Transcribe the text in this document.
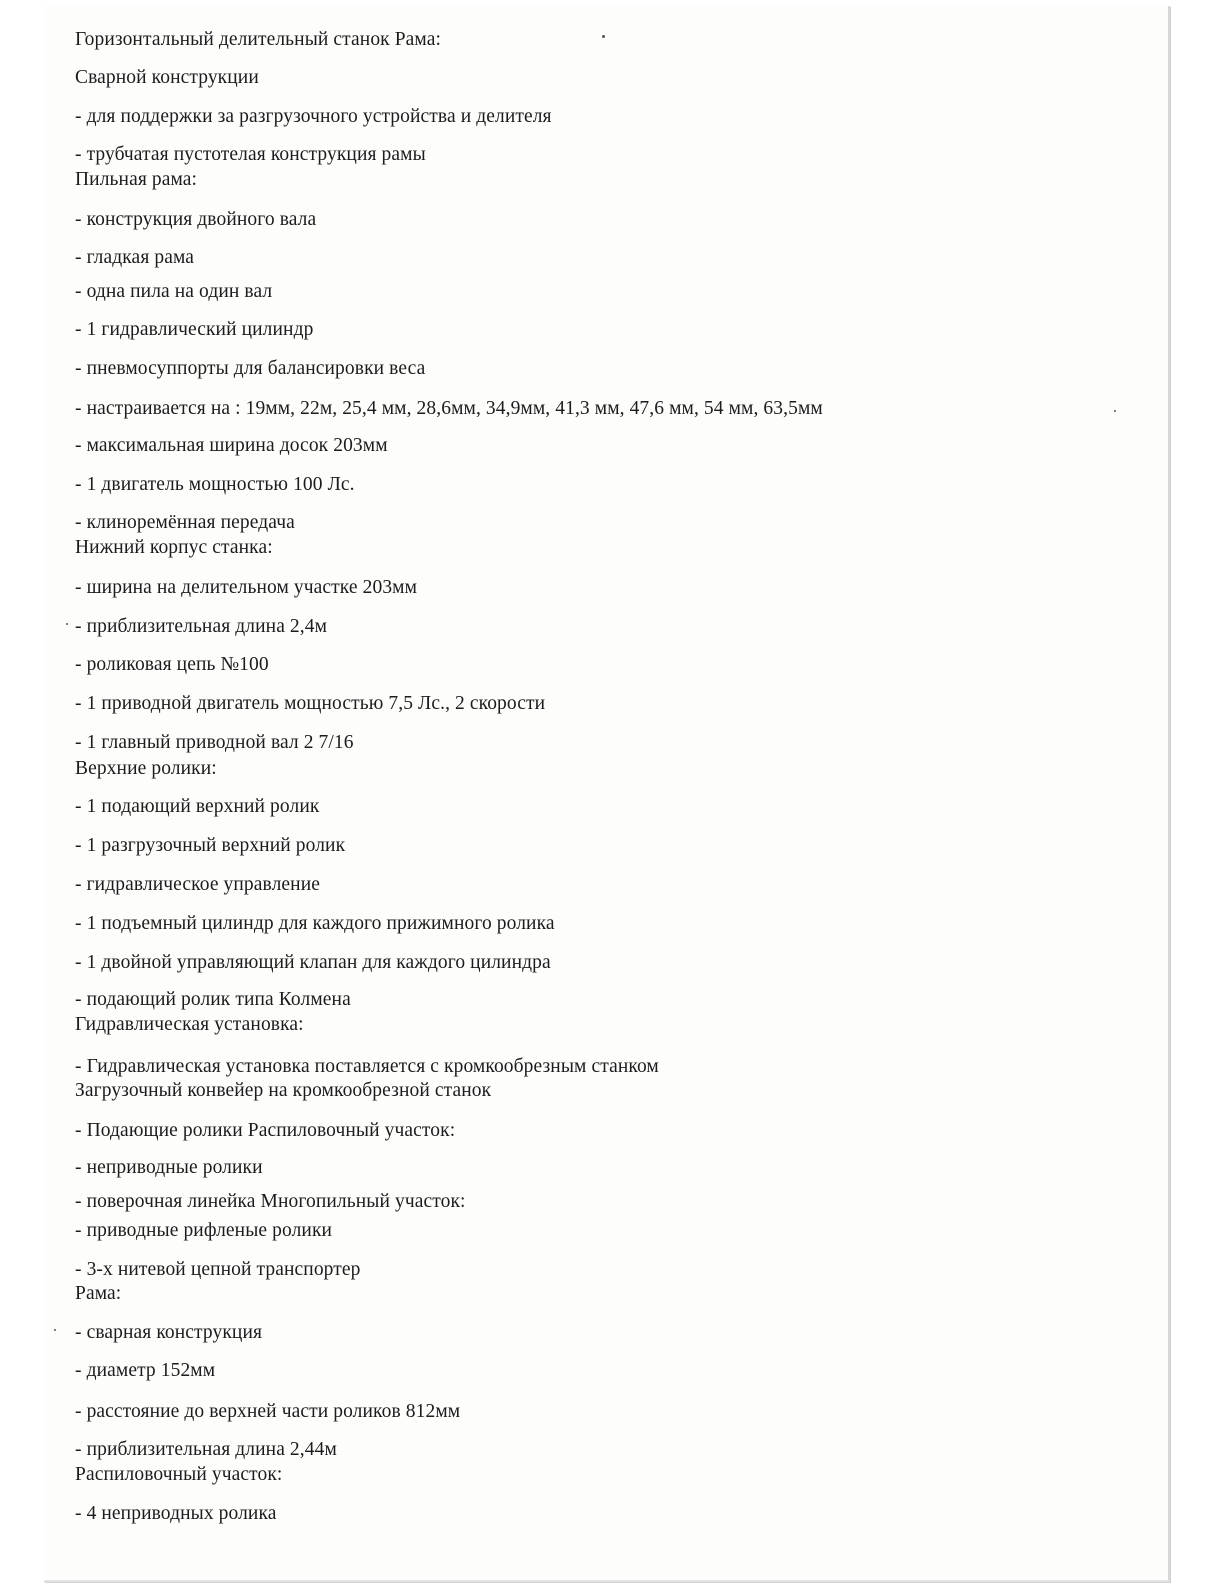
Горизонтальный делительный станок Рама:
Сварной конструкции
- для поддержки за разгрузочного устройства и делителя
- трубчатая пустотелая конструкция рамы
Пильная рама:
- конструкция двойного вала
- гладкая рама
- одна пила на один вал
- 1 гидравлический цилиндр
- пневмосуппорты для балансировки веса
- настраивается на : 19мм, 22м, 25,4 мм, 28,6мм, 34,9мм, 41,3 мм, 47,6 мм, 54 мм, 63,5мм
- максимальная ширина досок 203мм
- 1 двигатель мощностью 100 Лс.
- клиноремённая передача
Нижний корпус станка:
- ширина на делительном участке 203мм
- приблизительная длина 2,4м
- роликовая цепь №100
- 1 приводной двигатель мощностью 7,5 Лс., 2 скорости
- 1 главный приводной вал 2 7/16
Верхние ролики:
- 1 подающий верхний ролик
- 1 разгрузочный верхний ролик
- гидравлическое управление
- 1 подъемный цилиндр для каждого прижимного ролика
- 1 двойной управляющий клапан для каждого цилиндра
- подающий ролик типа Колмена
Гидравлическая установка:
- Гидравлическая установка поставляется с кромкообрезным станком
Загрузочный конвейер на кромкообрезной станок
- Подающие ролики Распиловочный участок:
- неприводные ролики
- поверочная линейка Многопильный участок:
- приводные рифленые ролики
- 3-х нитевой цепной транспортер
Рама:
- сварная конструкция
- диаметр 152мм
- расстояние до верхней части роликов 812мм
- приблизительная длина 2,44м
Распиловочный участок:
- 4 неприводных ролика
